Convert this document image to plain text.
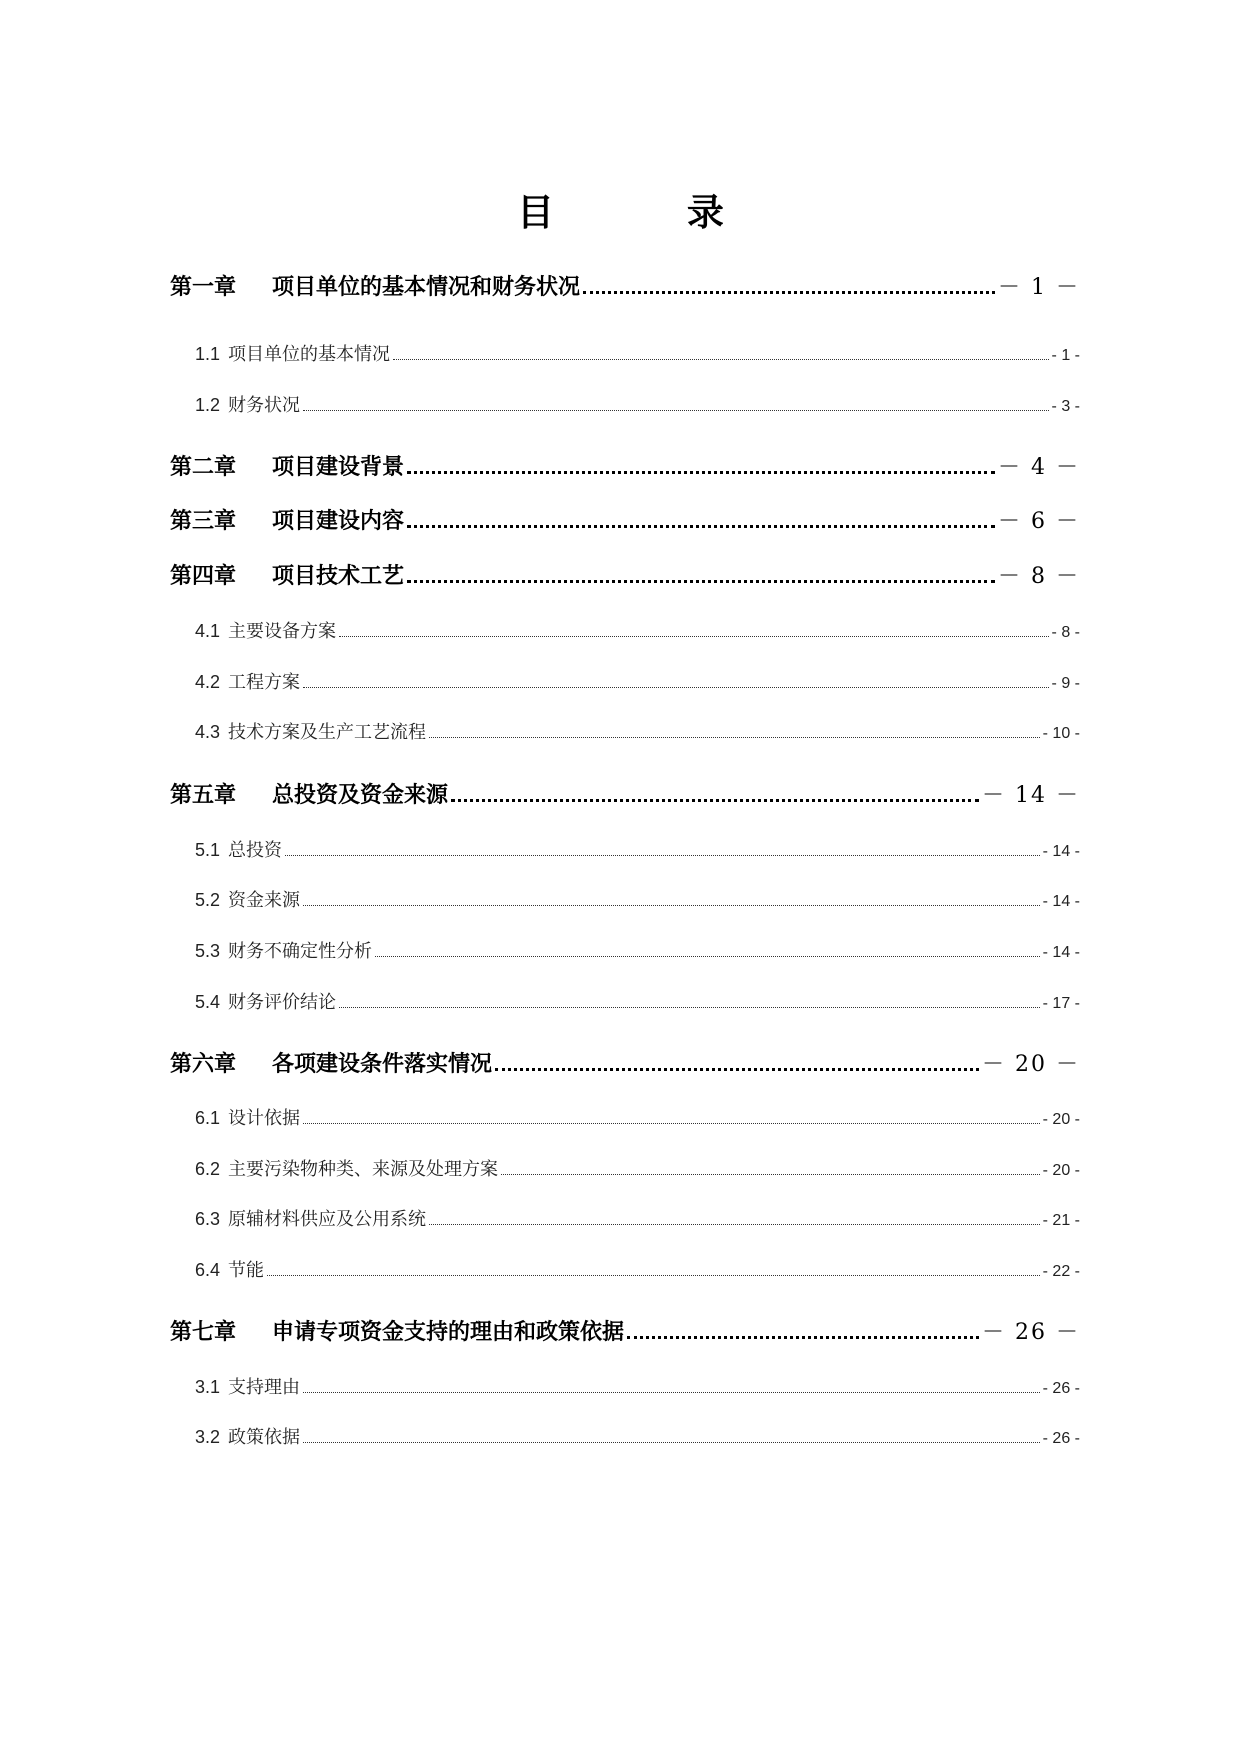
目 录
第一章	项目单位的基本情况和财务状况	－ 1 －
1.1 项目单位的基本情况	- 1 -
1.2 财务状况	- 3 -
第二章	项目建设背景	－ 4 －
第三章	项目建设内容	－ 6 －
第四章	项目技术工艺	－ 8 －
4.1 主要设备方案	- 8 -
4.2 工程方案	- 9 -
4.3 技术方案及生产工艺流程	- 10 -
第五章	总投资及资金来源	－ 14 －
5.1 总投资	- 14 -
5.2 资金来源	- 14 -
5.3 财务不确定性分析	- 14 -
5.4 财务评价结论	- 17 -
第六章	各项建设条件落实情况	－ 20 －
6.1 设计依据	- 20 -
6.2 主要污染物种类、来源及处理方案	- 20 -
6.3 原辅材料供应及公用系统	- 21 -
6.4 节能	- 22 -
第七章	申请专项资金支持的理由和政策依据	－ 26 －
3.1 支持理由	- 26 -
3.2 政策依据	- 26 -
